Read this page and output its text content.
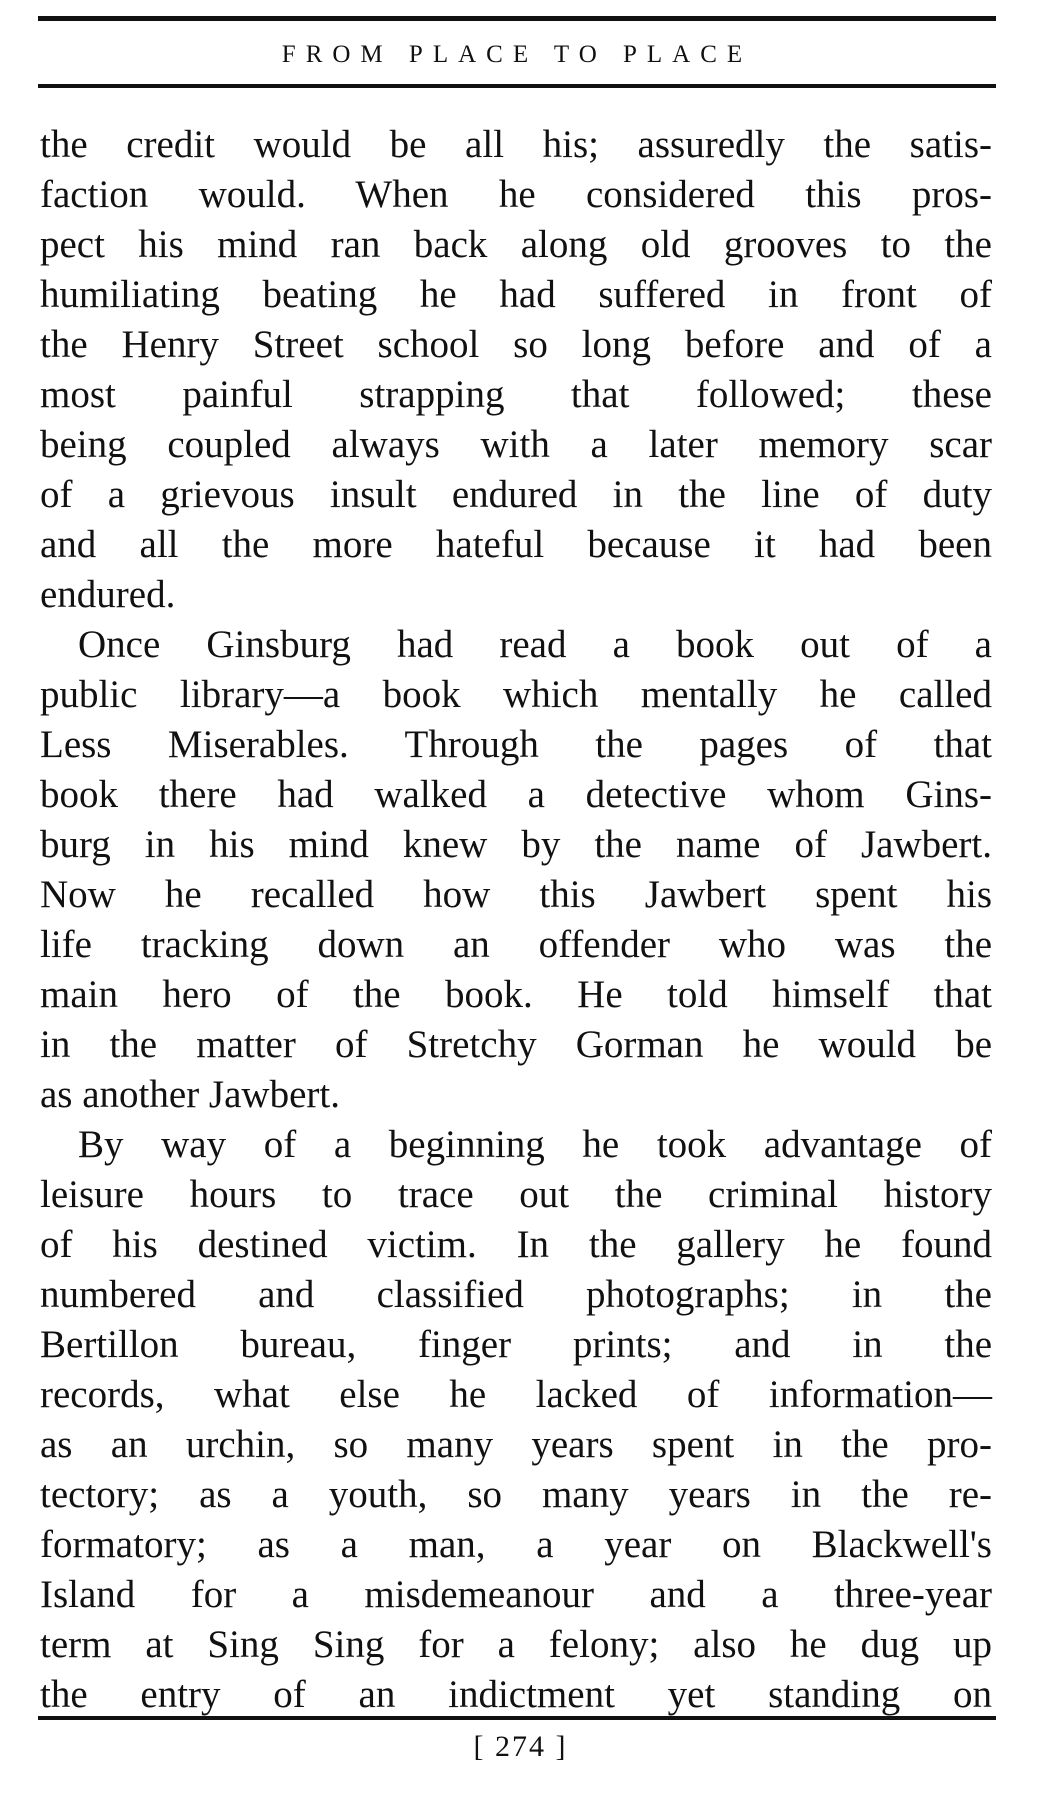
FROM PLACE TO PLACE
the credit would be all his; assuredly the satis-
faction would. When he considered this pros-
pect his mind ran back along old grooves to the
humiliating beating he had suffered in front of
the Henry Street school so long before and of a
most painful strapping that followed; these
being coupled always with a later memory scar
of a grievous insult endured in the line of duty
and all the more hateful because it had been
endured.
Once Ginsburg had read a book out of a
public library—a book which mentally he called
Less Miserables. Through the pages of that
book there had walked a detective whom Gins-
burg in his mind knew by the name of Jawbert.
Now he recalled how this Jawbert spent his
life tracking down an offender who was the
main hero of the book. He told himself that
in the matter of Stretchy Gorman he would be
as another Jawbert.
By way of a beginning he took advantage of
leisure hours to trace out the criminal history
of his destined victim. In the gallery he found
numbered and classified photographs; in the
Bertillon bureau, finger prints; and in the
records, what else he lacked of information—
as an urchin, so many years spent in the pro-
tectory; as a youth, so many years in the re-
formatory; as a man, a year on Blackwell's
Island for a misdemeanour and a three-year
term at Sing Sing for a felony; also he dug up
the entry of an indictment yet standing on
[ 274 ]
